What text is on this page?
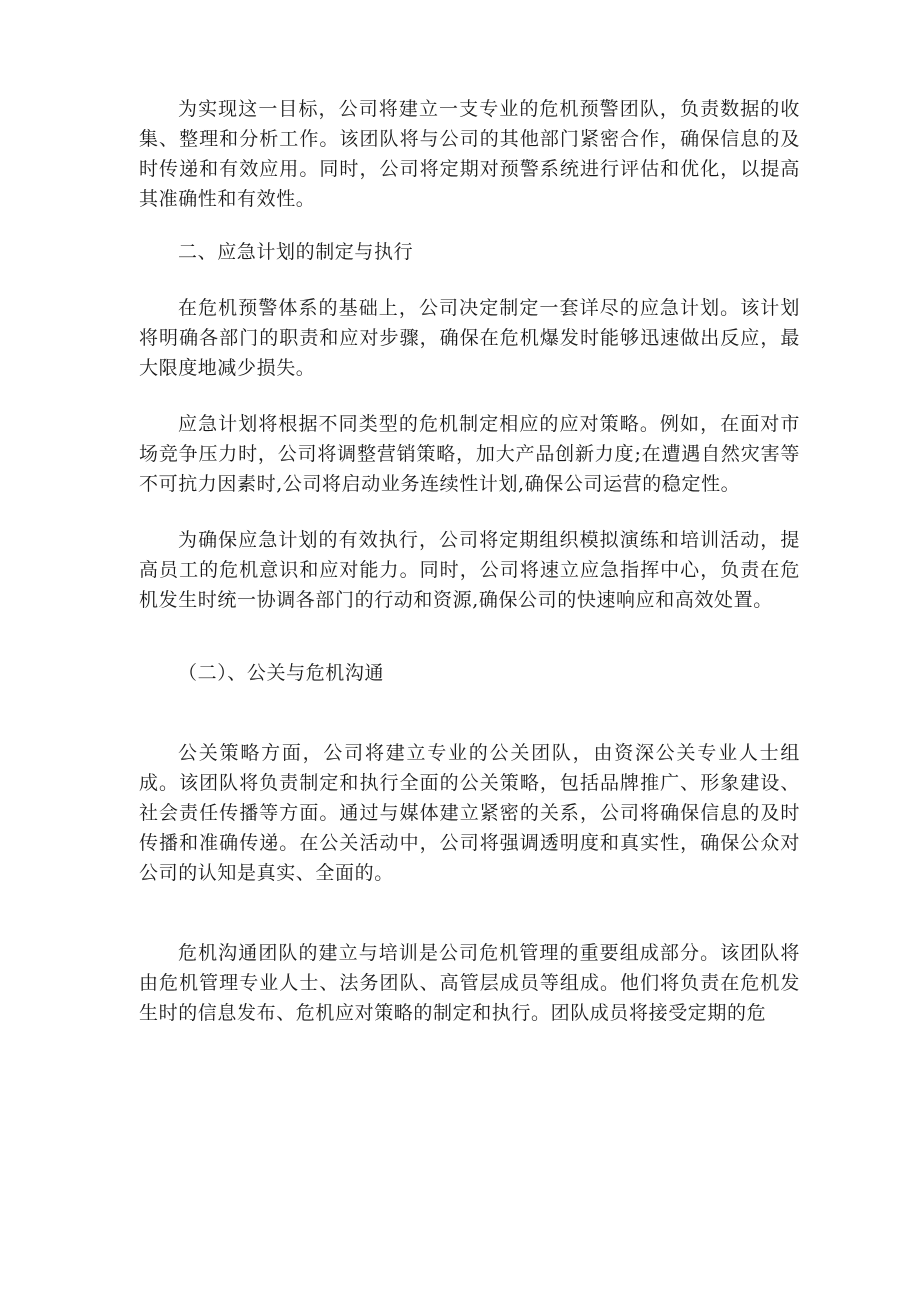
为实现这一目标，公司将建立一支专业的危机预警团队，负责数据的收集、整理和分析工作。该团队将与公司的其他部门紧密合作，确保信息的及时传递和有效应用。同时，公司将定期对预警系统进行评估和优化，以提高其准确性和有效性。

二、应急计划的制定与执行

在危机预警体系的基础上，公司决定制定一套详尽的应急计划。该计划将明确各部门的职责和应对步骤，确保在危机爆发时能够迅速做出反应，最大限度地减少损失。

应急计划将根据不同类型的危机制定相应的应对策略。例如，在面对市场竞争压力时，公司将调整营销策略，加大产品创新力度;在遭遇自然灾害等不可抗力因素时,公司将启动业务连续性计划,确保公司运营的稳定性。

为确保应急计划的有效执行，公司将定期组织模拟演练和培训活动，提高员工的危机意识和应对能力。同时，公司将速立应急指挥中心，负责在危机发生时统一协调各部门的行动和资源,确保公司的快速响应和高效处置。

（二）、公关与危机沟通

公关策略方面，公司将建立专业的公关团队，由资深公关专业人士组成。该团队将负责制定和执行全面的公关策略，包括品牌推广、形象建设、社会责任传播等方面。通过与媒体建立紧密的关系，公司将确保信息的及时传播和准确传递。在公关活动中，公司将强调透明度和真实性，确保公众对公司的认知是真实、全面的。

危机沟通团队的建立与培训是公司危机管理的重要组成部分。该团队将由危机管理专业人士、法务团队、高管层成员等组成。他们将负责在危机发生时的信息发布、危机应对策略的制定和执行。团队成员将接受定期的危
